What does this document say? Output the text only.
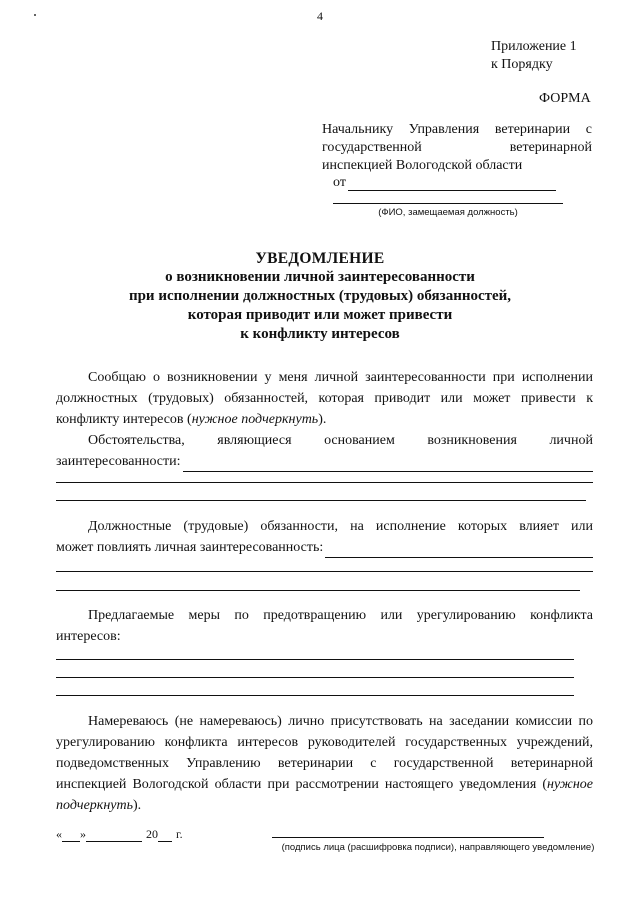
4
Приложение 1
к Порядку
ФОРМА
Начальнику Управления ветеринарии с
государственной	ветеринарной
инспекцией Вологодской области
от
(ФИО, замещаемая должность)
УВЕДОМЛЕНИЕ
о возникновении личной заинтересованности
при исполнении должностных (трудовых) обязанностей,
которая приводит или может привести
к конфликту интересов

Сообщаю о возникновении у меня личной заинтересованности при исполнении должностных (трудовых) обязанностей, которая приводит или может привести к конфликту интересов (нужное подчеркнуть).

Обстоятельства, являющиеся основанием возникновения личной
заинтересованности:
Должностные (трудовые) обязанности, на исполнение которых влияет или
может повлиять личная заинтересованность:

Предлагаемые меры по предотвращению или урегулированию конфликта интересов:

Намереваюсь (не намереваюсь) лично присутствовать на заседании комиссии по урегулированию конфликта интересов руководителей государственных учреждений, подведомственных Управлению ветеринарии с государственной ветеринарной инспекцией Вологодской области при рассмотрении настоящего уведомления (нужное подчеркнуть).

« »	20 г.
(подпись лица (расшифровка подписи), направляющего уведомление)
